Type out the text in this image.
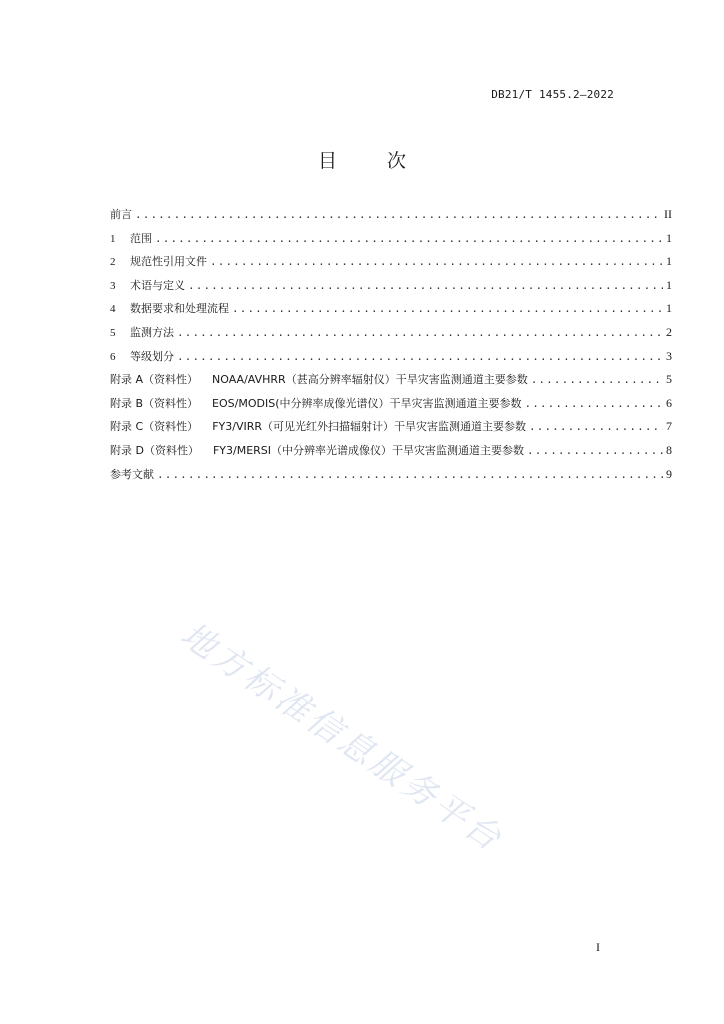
DB21/T 1455.2—2022
目 次
前言 .....	II
1	范围 .....	1
2	规范性引用文件 .....	1
3	术语与定义 .....	1
4	数据要求和处理流程 .....	1
5	监测方法 .....	2
6	等级划分 .....	3
附录 A（资料性） NOAA/AVHRR（甚高分辨率辐射仪）干旱灾害监测通道主要参数 .....	5
附录 B（资料性） EOS/MODIS(中分辨率成像光谱仪）干旱灾害监测通道主要参数 .....	6
附录 C（资料性） FY3/VIRR（可见光红外扫描辐射计）干旱灾害监测通道主要参数 .....	7
附录 D（资料性） FY3/MERSI（中分辨率光谱成像仪）干旱灾害监测通道主要参数 .....	8
参考文献 .....	9
地方标准信息服务平台
I
